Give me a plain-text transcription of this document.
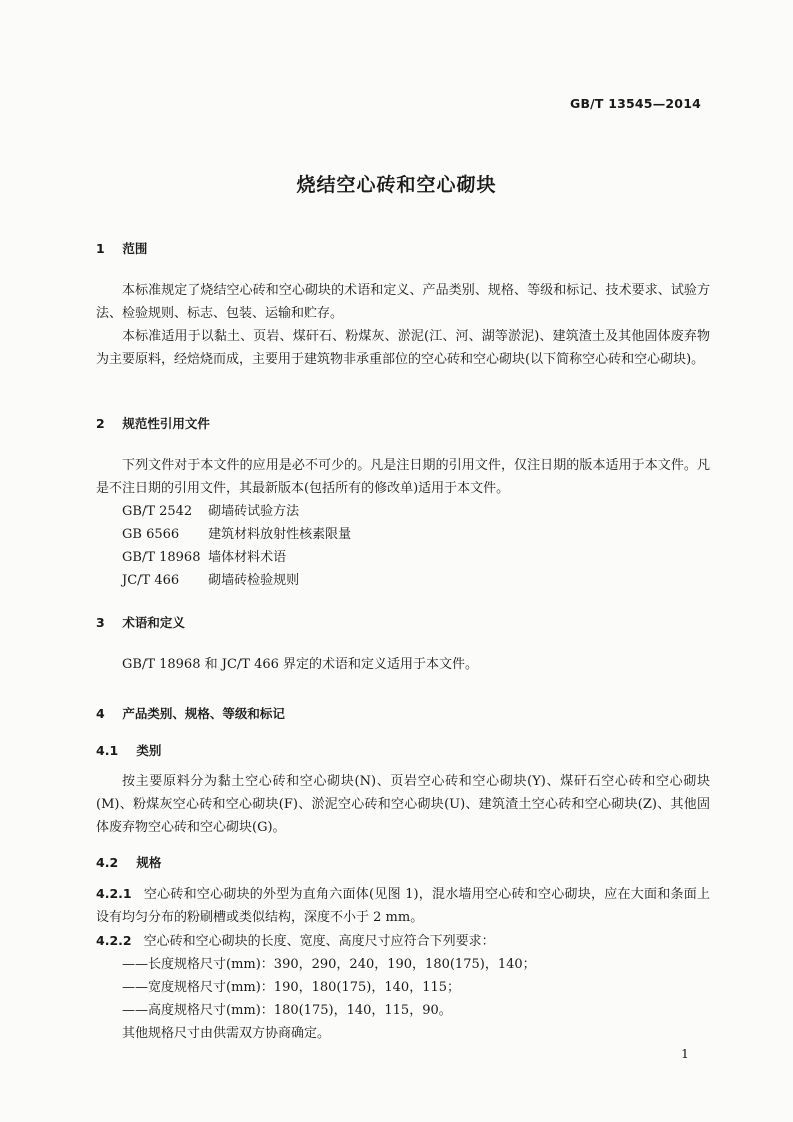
GB/T 13545—2014
烧结空心砖和空心砌块
1 范围

本标准规定了烧结空心砖和空心砌块的术语和定义、产品类别、规格、等级和标记、技术要求、试验方法、检验规则、标志、包装、运输和贮存。

本标准适用于以黏土、页岩、煤矸石、粉煤灰、淤泥(江、河、湖等淤泥)、建筑渣土及其他固体废弃物为主要原料，经焙烧而成，主要用于建筑物非承重部位的空心砖和空心砌块(以下简称空心砖和空心砌块)。

2 规范性引用文件

下列文件对于本文件的应用是必不可少的。凡是注日期的引用文件，仅注日期的版本适用于本文件。凡是不注日期的引用文件，其最新版本(包括所有的修改单)适用于本文件。

GB/T 2542 砌墙砖试验方法
GB 6566 建筑材料放射性核素限量
GB/T 18968 墙体材料术语
JC/T 466 砌墙砖检验规则
3 术语和定义

GB/T 18968 和 JC/T 466 界定的术语和定义适用于本文件。

4 产品类别、规格、等级和标记
4.1 类别

按主要原料分为黏土空心砖和空心砌块(N)、页岩空心砖和空心砌块(Y)、煤矸石空心砖和空心砌块(M)、粉煤灰空心砖和空心砌块(F)、淤泥空心砖和空心砌块(U)、建筑渣土空心砖和空心砌块(Z)、其他固体废弃物空心砖和空心砌块(G)。

4.2 规格

4.2.1 空心砖和空心砌块的外型为直角六面体(见图 1)，混水墙用空心砖和空心砌块，应在大面和条面上设有均匀分布的粉刷槽或类似结构，深度不小于 2 mm。

4.2.2 空心砖和空心砌块的长度、宽度、高度尺寸应符合下列要求：

——长度规格尺寸(mm)：390，290，240，190，180(175)，140；
——宽度规格尺寸(mm)：190，180(175)，140，115；
——高度规格尺寸(mm)：180(175)，140，115，90。

其他规格尺寸由供需双方协商确定。

1
